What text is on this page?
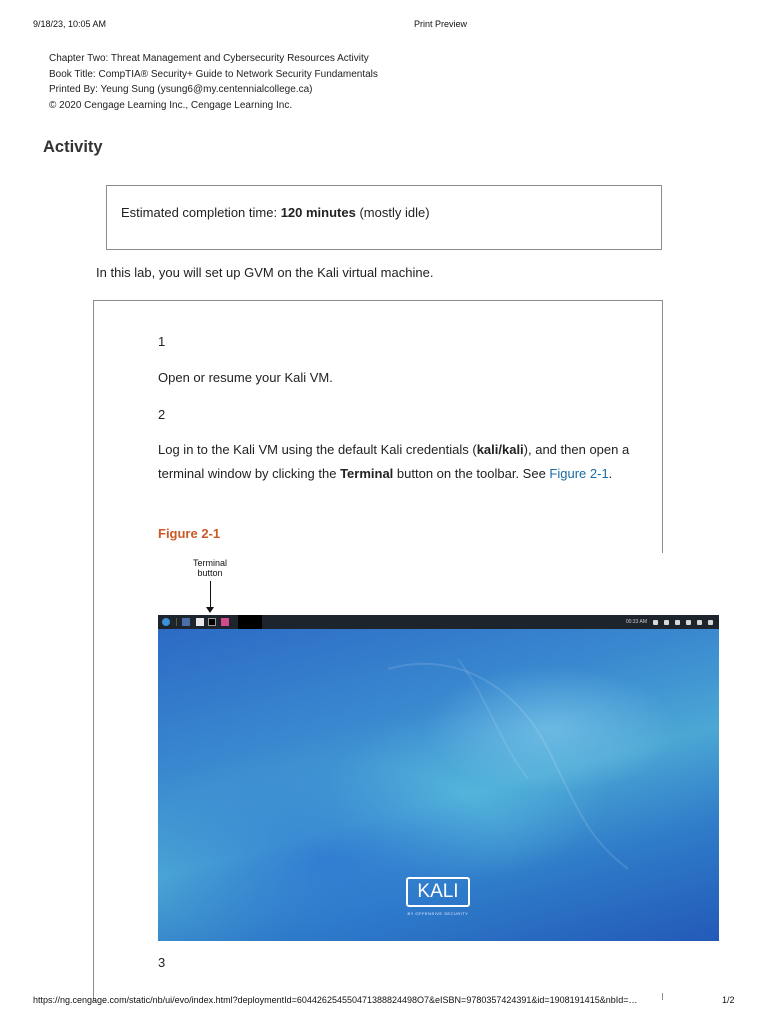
9/18/23, 10:05 AM	Print Preview
Chapter Two: Threat Management and Cybersecurity Resources Activity
Book Title: CompTIA® Security+ Guide to Network Security Fundamentals
Printed By: Yeung Sung (ysung6@my.centennialcollege.ca)
© 2020 Cengage Learning Inc., Cengage Learning Inc.
Activity
Estimated completion time: 120 minutes (mostly idle)
In this lab, you will set up GVM on the Kali virtual machine.
1
Open or resume your Kali VM.
2
Log in to the Kali VM using the default Kali credentials (kali/kali), and then open a terminal window by clicking the Terminal button on the toolbar. See Figure 2-1.
Figure 2-1
Terminal
button
00:33 AM
KALI
BY OFFENSIVE SECURITY
3
https://ng.cengage.com/static/nb/ui/evo/index.html?deploymentId=604426254550471388824498O7&eISBN=9780357424391&id=1908191415&nbId=…	1/2
